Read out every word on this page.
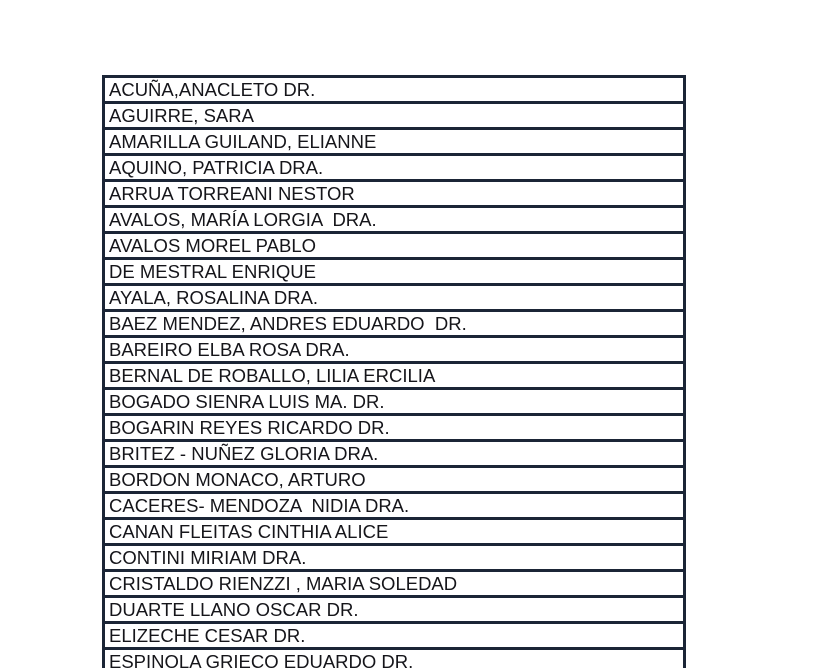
ACUÑA,ANACLETO DR.
AGUIRRE, SARA
AMARILLA GUILAND, ELIANNE
AQUINO, PATRICIA DRA.
ARRUA TORREANI NESTOR
AVALOS, MARÍA LORGIA  DRA.
AVALOS MOREL PABLO
DE MESTRAL ENRIQUE
AYALA, ROSALINA DRA.
BAEZ MENDEZ, ANDRES EDUARDO  DR.
BAREIRO ELBA ROSA DRA.
BERNAL DE ROBALLO, LILIA ERCILIA
BOGADO SIENRA LUIS MA. DR.
BOGARIN REYES RICARDO DR.
BRITEZ - NUÑEZ GLORIA DRA.
BORDON MONACO, ARTURO
CACERES- MENDOZA  NIDIA DRA.
CANAN FLEITAS CINTHIA ALICE
CONTINI MIRIAM DRA.
CRISTALDO RIENZZI , MARIA SOLEDAD
DUARTE LLANO OSCAR DR.
ELIZECHE CESAR DR.
ESPINOLA GRIECO EDUARDO DR.
